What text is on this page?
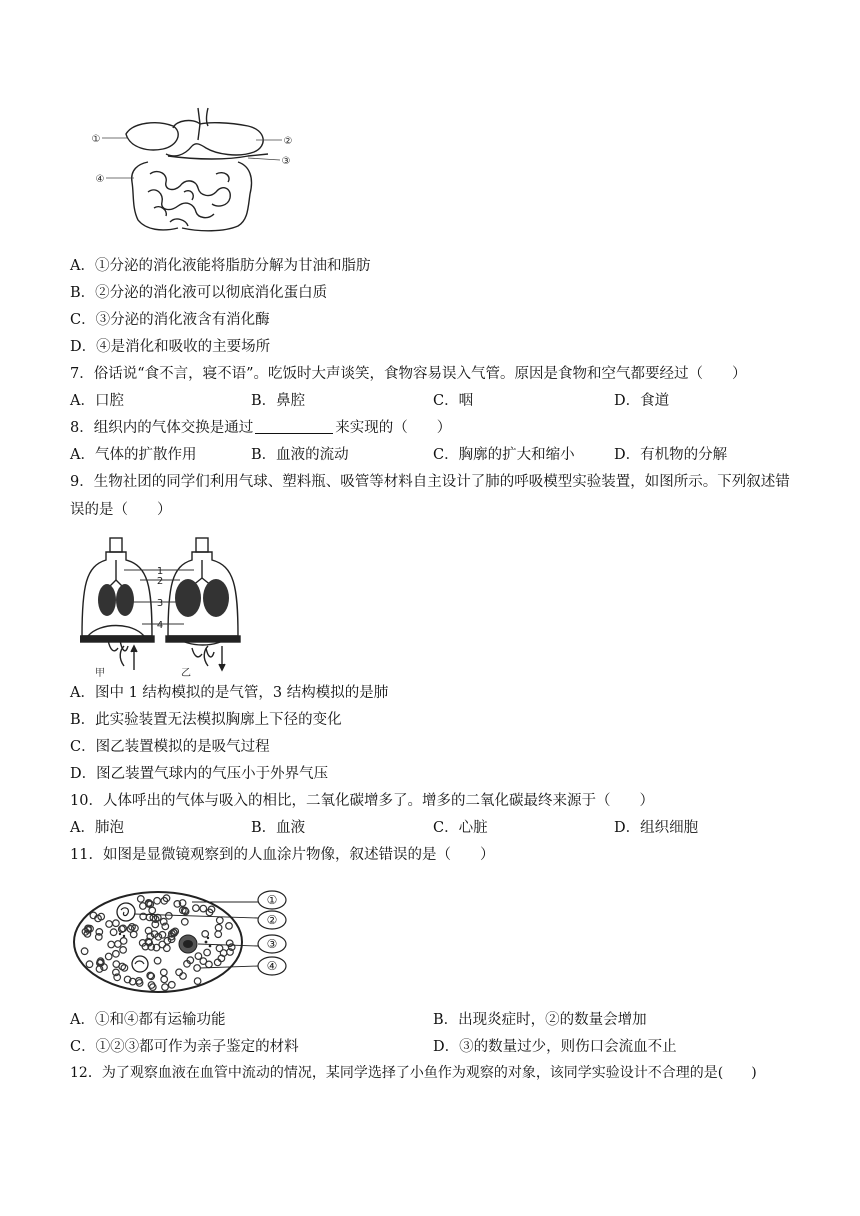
①	②
③
④
A．①分泌的消化液能将脂肪分解为甘油和脂肪
B．②分泌的消化液可以彻底消化蛋白质
C．③分泌的消化液含有消化酶
D．④是消化和吸收的主要场所
7．俗话说“食不言，寝不语”。吃饭时大声谈笑，食物容易误入气管。原因是食物和空气都要经过（　　）
A．口腔	B．鼻腔	C．咽	D．食道
8．组织内的气体交换是通过	来实现的（　　）
A．气体的扩散作用	B．血液的流动	C．胸廓的扩大和缩小	D．有机物的分解
9．生物社团的同学们利用气球、塑料瓶、吸管等材料自主设计了肺的呼吸模型实验装置，如图所示。下列叙述错误的是（　　）
1
2
3
4
甲	乙
A．图中 1 结构模拟的是气管，3 结构模拟的是肺
B．此实验装置无法模拟胸廓上下径的变化
C．图乙装置模拟的是吸气过程
D．图乙装置气球内的气压小于外界气压
10．人体呼出的气体与吸入的相比，二氧化碳增多了。增多的二氧化碳最终来源于（　　）
A．肺泡	B．血液	C．心脏	D．组织细胞
11．如图是显微镜观察到的人血涂片物像，叙述错误的是（　　）
①
②
③
④
A．①和④都有运输功能	B．出现炎症时，②的数量会增加
C．①②③都可作为亲子鉴定的材料	D．③的数量过少，则伤口会流血不止
12．为了观察血液在血管中流动的情况，某同学选择了小鱼作为观察的对象，该同学实验设计不合理的是(　　)
